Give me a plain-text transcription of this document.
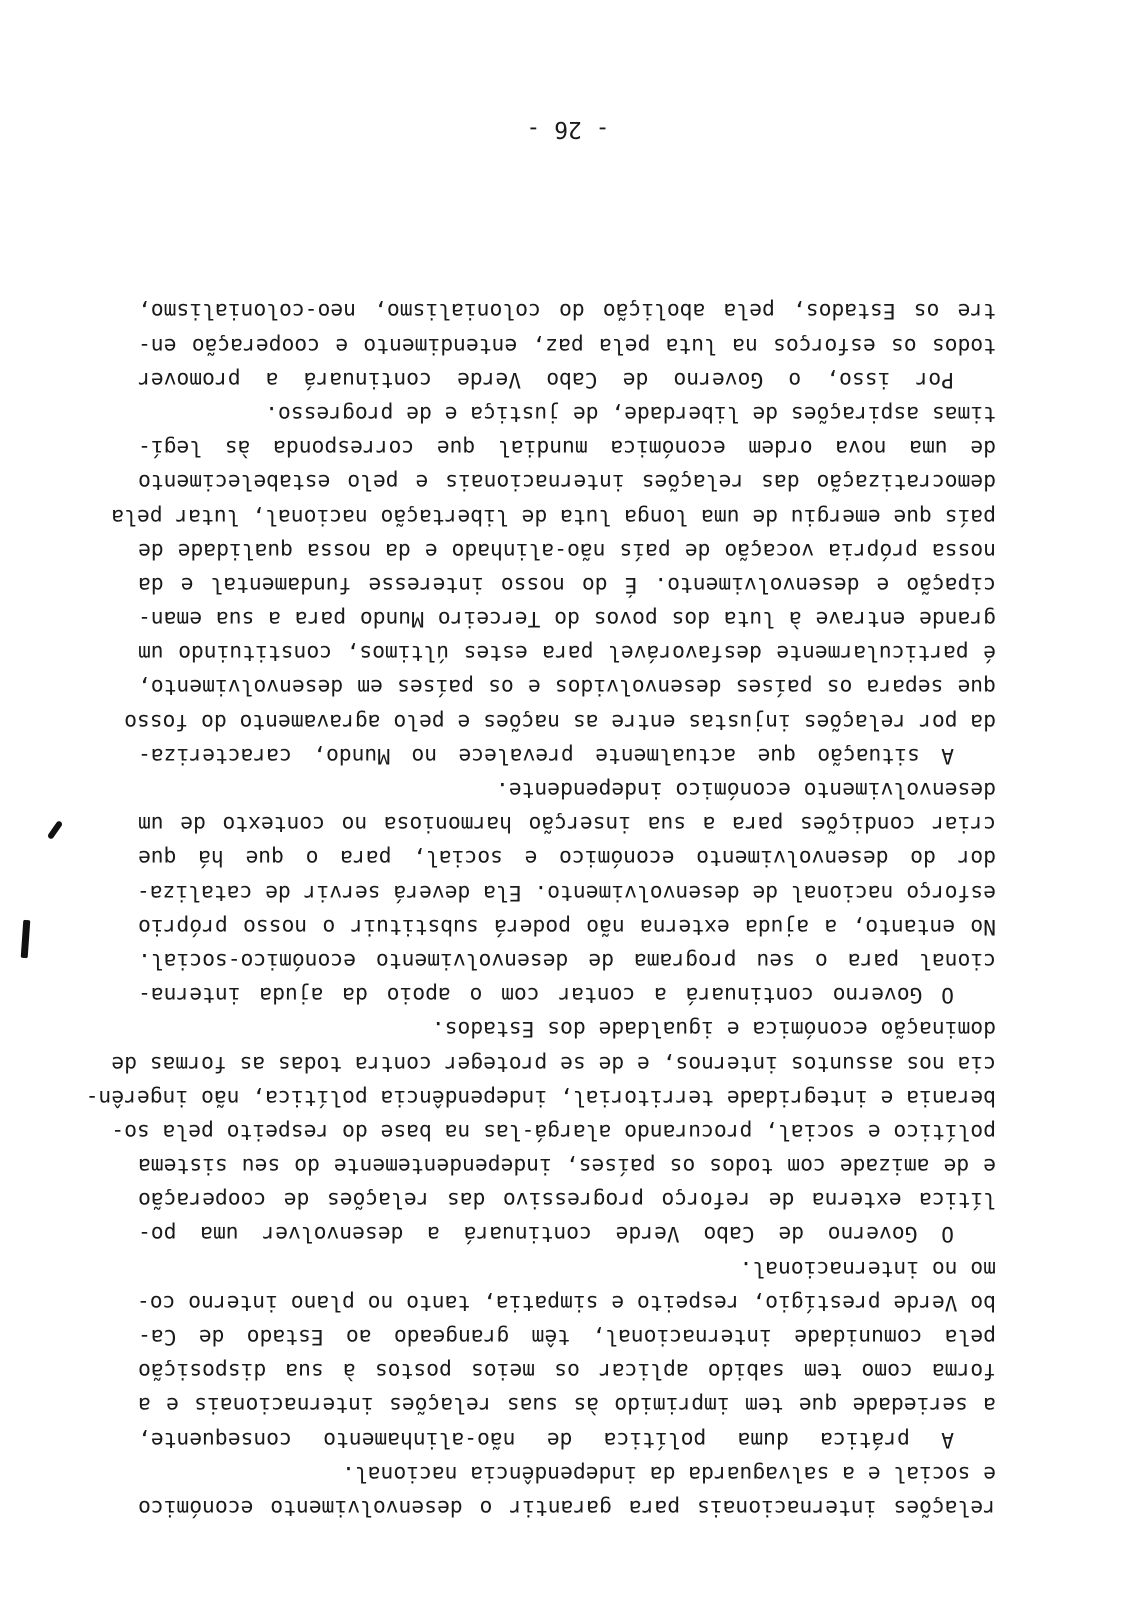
relações internacionais para garantir o desenvolvimento económico
e social e a salvaguarda da independência nacional.
A prática duma política de não-alinhamento consequente,
a seriedade que tem imprimido às suas relações internacionais e a
forma como tem sabido aplicar os meios postos à sua disposição
pela comunidade internacional, têm grangeado ao Estado de Ca-
bo Verde prestígio, respeito e simpatia, tanto no plano interno co-
mo no internacional.
O Governo de Cabo Verde continuará a desenvolver uma po-
lítica externa de reforço progressivo das relações de cooperação
e de amizade com todos os países, independentemente do seu sistema
político e social, procurando alargá-las na base do respeito pela so-
berania e integridade territorial, independência política, não ingerên-
cia nos assuntos internos, e de se proteger contra todas as formas de
dominação económica e igualdade dos Estados.
O Governo continuará a contar com o apoio da ajuda interna-
cional para o seu programa de desenvolvimento económico-social.
No entanto, a ajuda externa não poderá substituir o nosso próprio
esforço nacional de desenvolvimento. Ela deverá servir de cataliza-
dor do desenvolvimento económico e social, para o que há que
criar condições para a sua inserção harmoniosa no contexto de um
desenvolvimento económico independente.
A situação que actualmente prevalece no Mundo, caracteriza-
da por relações injustas entre as nações e pelo agravamento do fosso
que separa os países desenvolvidos e os países em desenvolvimento,
é particularmente desfavorável para estes últimos, constituindo um
grande entrave à luta dos povos do Terceiro Mundo para a sua eman-
cipação e desenvolvimento. É do nosso interesse fundamental e da
nossa própria vocação de país não-alinhado e da nossa qualidade de
país que emergiu de uma longa luta de libertação nacional, lutar pela
democratização das relações internacionais e pelo estabelecimento
de uma nova ordem económica mundial que corresponda às legí-
timas aspirações de liberdade, de justiça e de progresso.
Por isso, o Governo de Cabo Verde continuará a promover
todos os esforços na luta pela paz, entendimento e cooperação en-
tre os Estados, pela abolição do colonialismo, neo-colonialismo,
- 26 -
